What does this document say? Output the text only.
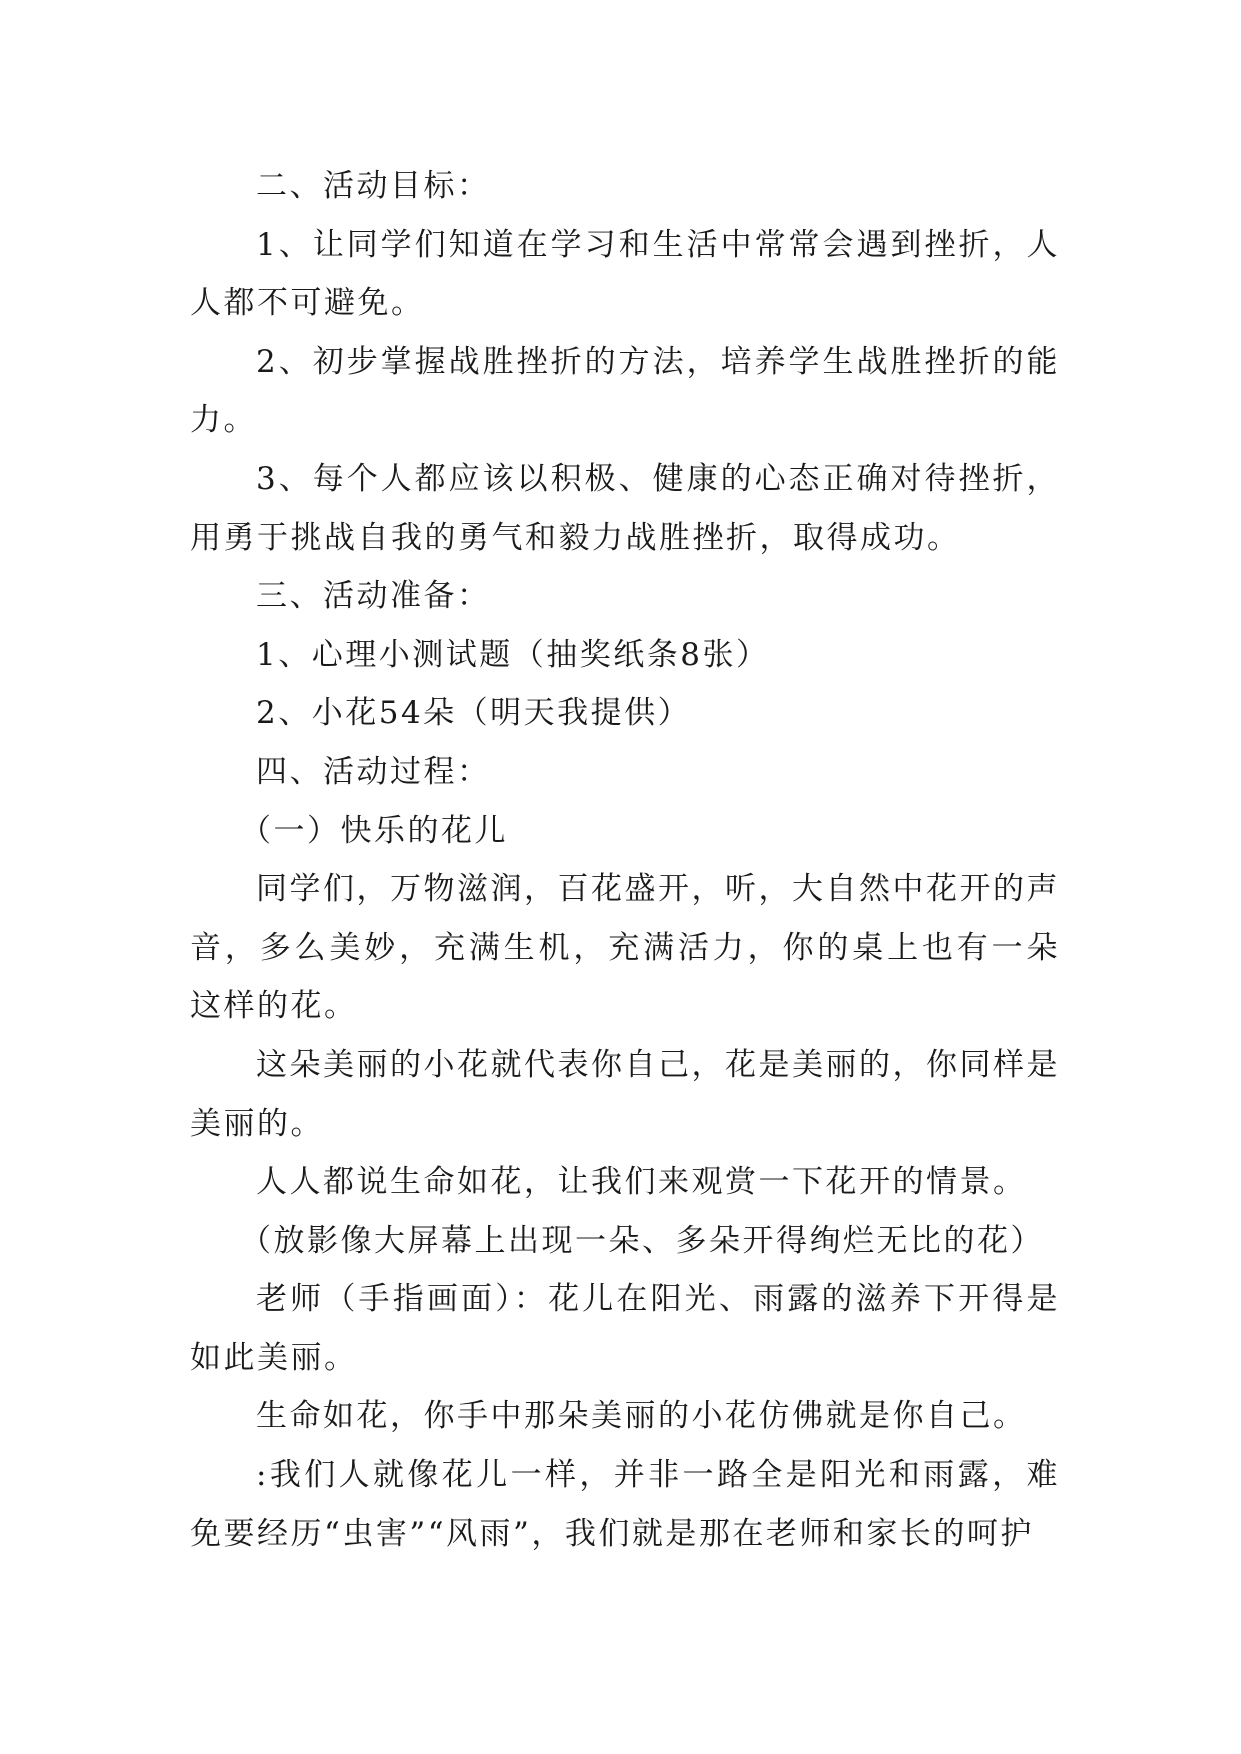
二、活动目标：

1、让同学们知道在学习和生活中常常会遇到挫折，人人都不可避免。

2、初步掌握战胜挫折的方法，培养学生战胜挫折的能力。

3、每个人都应该以积极、健康的心态正确对待挫折，用勇于挑战自我的勇气和毅力战胜挫折，取得成功。

三、活动准备：

1、心理小测试题（抽奖纸条8张）

2、小花54朵（明天我提供）

四、活动过程：

（一）快乐的花儿

同学们，万物滋润，百花盛开，听，大自然中花开的声音，多么美妙，充满生机，充满活力，你的桌上也有一朵这样的花。

这朵美丽的小花就代表你自己，花是美丽的，你同样是美丽的。

人人都说生命如花，让我们来观赏一下花开的情景。

（放影像大屏幕上出现一朵、多朵开得绚烂无比的花）

老师（手指画面）：花儿在阳光、雨露的滋养下开得是如此美丽。

生命如花，你手中那朵美丽的小花仿佛就是你自己。

:我们人就像花儿一样，并非一路全是阳光和雨露，难免要经历“虫害”“风雨”，我们就是那在老师和家长的呵护
